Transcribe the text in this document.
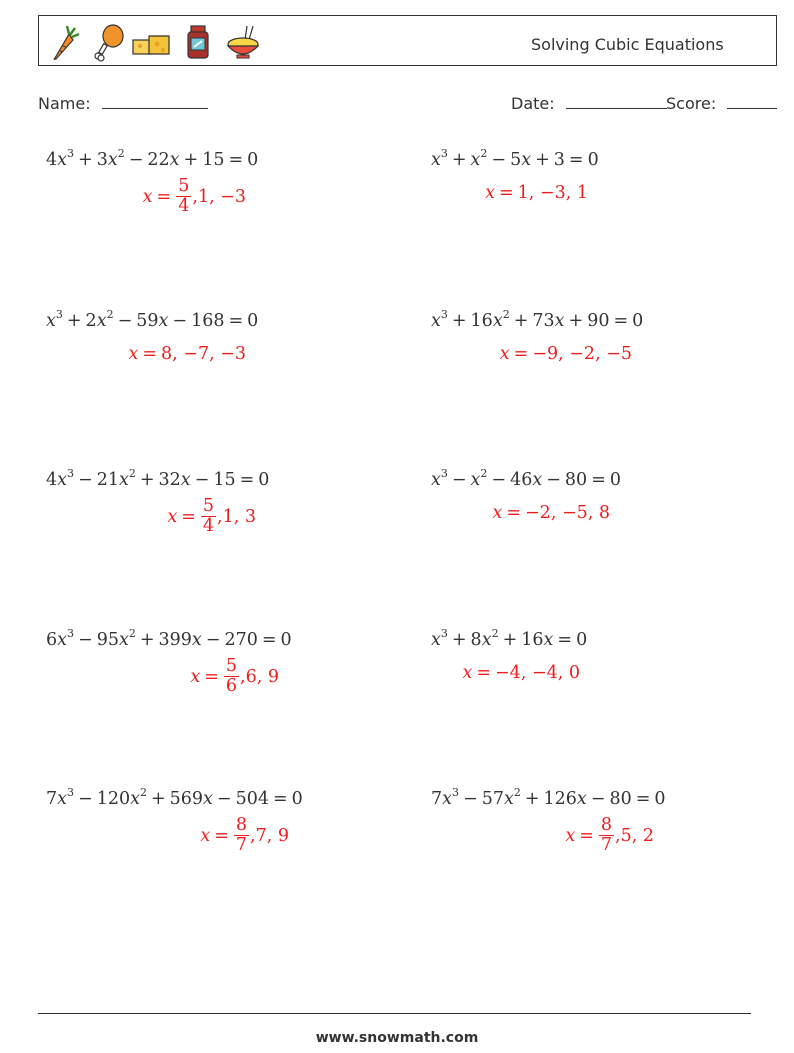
Solving Cubic Equations
Name:	Date:	Score:
$4x^3 + 3x^2 - 22x + 15 = 0$
$x = \frac{5}{4}$ , 1, −3
$x^3 + x^2 - 5x + 3 = 0$
x = 1, −3, 1
$x^3 + 2x^2 - 59x - 168 = 0$
x = 8, −7, −3
$x^3 + 16x^2 + 73x + 90 = 0$
x = −9, −2, −5
$4x^3 - 21x^2 + 32x - 15 = 0$
$x = \frac{5}{4}$ , 1, 3
$x^3 - x^2 - 46x - 80 = 0$
x = −2, −5, 8
$6x^3 - 95x^2 + 399x - 270 = 0$
$x = \frac{5}{6}$ , 6, 9
$x^3 + 8x^2 + 16x = 0$
x = −4, −4, 0
$7x^3 - 120x^2 + 569x - 504 = 0$
$x = \frac{8}{7}$ , 7, 9
$7x^3 - 57x^2 + 126x - 80 = 0$
$x = \frac{8}{7}$ , 5, 2
www.snowmath.com
